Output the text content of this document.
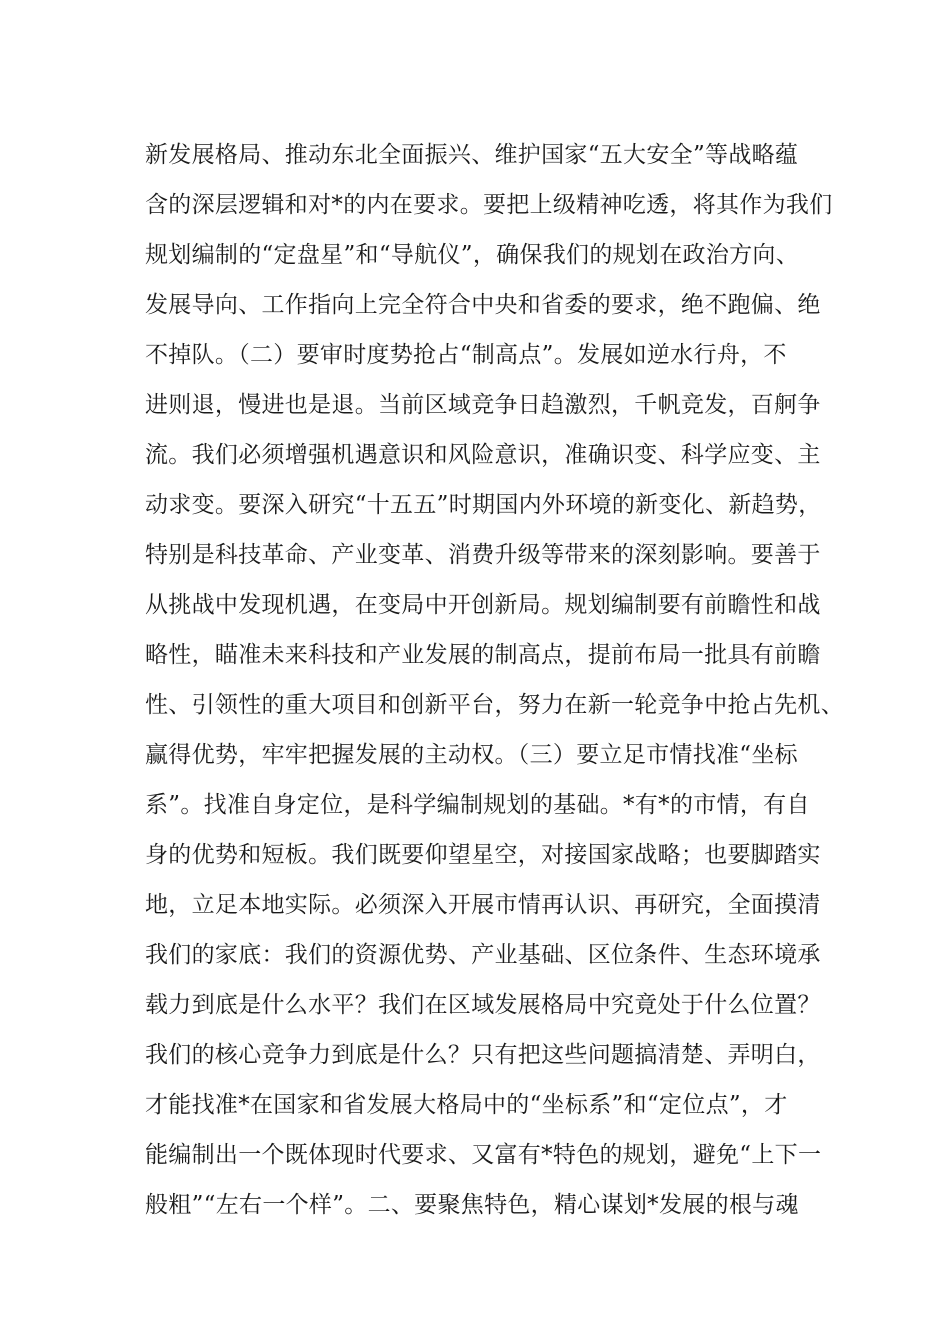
新发展格局、推动东北全面振兴、维护国家“五大安全”等战略蕴
含的深层逻辑和对*的内在要求。要把上级精神吃透，将其作为我们
规划编制的“定盘星”和“导航仪”，确保我们的规划在政治方向、
发展导向、工作指向上完全符合中央和省委的要求，绝不跑偏、绝
不掉队。（二）要审时度势抢占“制高点”。发展如逆水行舟，不
进则退，慢进也是退。当前区域竞争日趋激烈，千帆竞发，百舸争
流。我们必须增强机遇意识和风险意识，准确识变、科学应变、主
动求变。要深入研究“十五五”时期国内外环境的新变化、新趋势，
特别是科技革命、产业变革、消费升级等带来的深刻影响。要善于
从挑战中发现机遇，在变局中开创新局。规划编制要有前瞻性和战
略性，瞄准未来科技和产业发展的制高点，提前布局一批具有前瞻
性、引领性的重大项目和创新平台，努力在新一轮竞争中抢占先机、
赢得优势，牢牢把握发展的主动权。（三）要立足市情找准“坐标
系”。找准自身定位，是科学编制规划的基础。*有*的市情，有自
身的优势和短板。我们既要仰望星空，对接国家战略；也要脚踏实
地，立足本地实际。必须深入开展市情再认识、再研究，全面摸清
我们的家底：我们的资源优势、产业基础、区位条件、生态环境承
载力到底是什么水平？我们在区域发展格局中究竟处于什么位置？
我们的核心竞争力到底是什么？只有把这些问题搞清楚、弄明白，
才能找准*在国家和省发展大格局中的“坐标系”和“定位点”，才
能编制出一个既体现时代要求、又富有*特色的规划，避免“上下一
般粗”“左右一个样”。二、要聚焦特色，精心谋划*发展的根与魂
